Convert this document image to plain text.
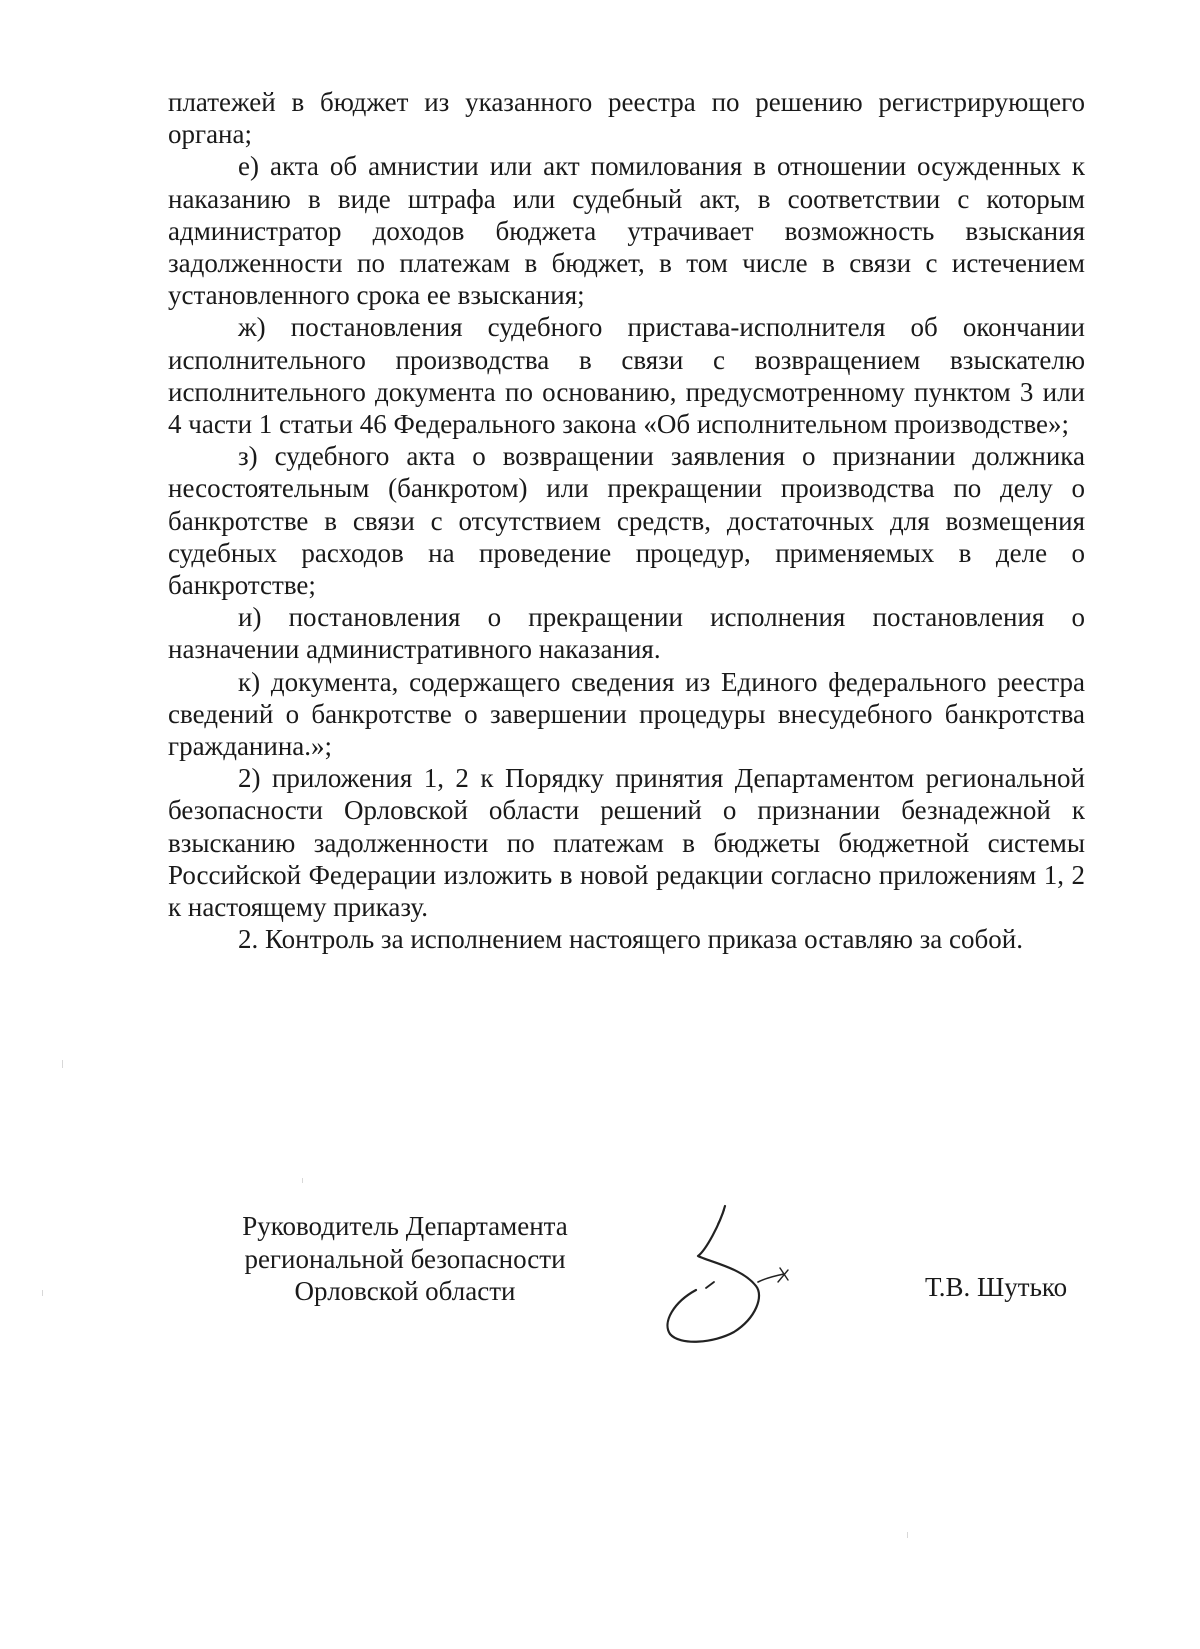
платежей в бюджет из указанного реестра по решению регистрирующего органа;

е) акта об амнистии или акт помилования в отношении осужденных к наказанию в виде штрафа или судебный акт, в соответствии с которым администратор доходов бюджета утрачивает возможность взыскания задолженности по платежам в бюджет, в том числе в связи с истечением установленного срока ее взыскания;

ж) постановления судебного пристава-исполнителя об окончании исполнительного производства в связи с возвращением взыскателю исполнительного документа по основанию, предусмотренному пунктом 3 или 4 части 1 статьи 46 Федерального закона «Об исполнительном производстве»;

з) судебного акта о возвращении заявления о признании должника несостоятельным (банкротом) или прекращении производства по делу о банкротстве в связи с отсутствием средств, достаточных для возмещения судебных расходов на проведение процедур, применяемых в деле о банкротстве;

и) постановления о прекращении исполнения постановления о назначении административного наказания.

к) документа, содержащего сведения из Единого федерального реестра сведений о банкротстве о завершении процедуры внесудебного банкротства гражданина.»;

2) приложения 1, 2 к Порядку принятия Департаментом региональной безопасности Орловской области решений о признании безнадежной к взысканию задолженности по платежам в бюджеты бюджетной системы Российской Федерации изложить в новой редакции согласно приложениям 1, 2 к настоящему приказу.

2. Контроль за исполнением настоящего приказа оставляю за собой.

Руководитель Департамента
региональной безопасности
Орловской области	Т.В. Шутько
